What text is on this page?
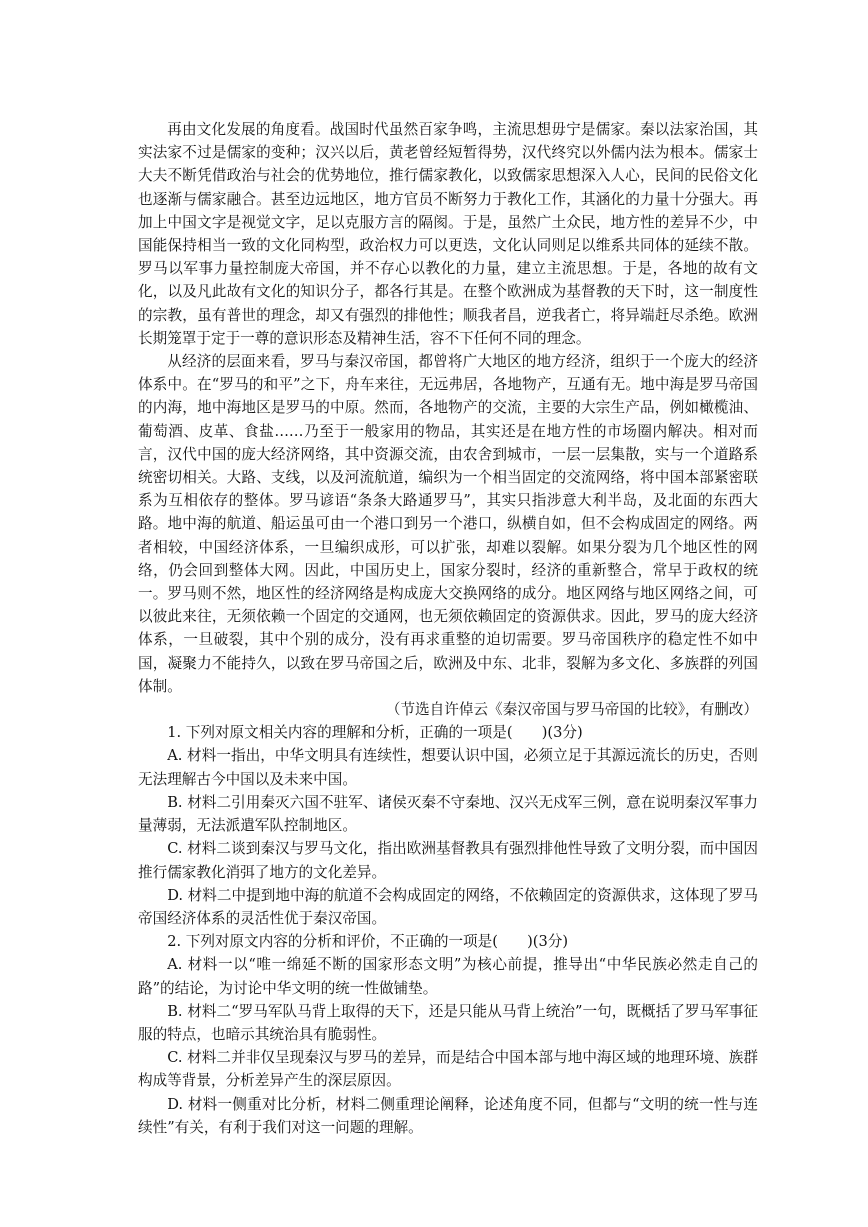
再由文化发展的角度看。战国时代虽然百家争鸣，主流思想毋宁是儒家。秦以法家治国，其实法家不过是儒家的变种；汉兴以后，黄老曾经短暂得势，汉代终究以外儒内法为根本。儒家士大夫不断凭借政治与社会的优势地位，推行儒家教化，以致儒家思想深入人心，民间的民俗文化也逐渐与儒家融合。甚至边远地区，地方官员不断努力于教化工作，其涵化的力量十分强大。再加上中国文字是视觉文字，足以克服方言的隔阂。于是，虽然广土众民，地方性的差异不少，中国能保持相当一致的文化同构型，政治权力可以更迭，文化认同则足以维系共同体的延续不散。罗马以军事力量控制庞大帝国，并不存心以教化的力量，建立主流思想。于是，各地的故有文化，以及凡此故有文化的知识分子，都各行其是。在整个欧洲成为基督教的天下时，这一制度性的宗教，虽有普世的理念，却又有强烈的排他性；顺我者昌，逆我者亡，将异端赶尽杀绝。欧洲长期笼罩于定于一尊的意识形态及精神生活，容不下任何不同的理念。

从经济的层面来看，罗马与秦汉帝国，都曾将广大地区的地方经济，组织于一个庞大的经济体系中。在“罗马的和平”之下，舟车来往，无远弗居，各地物产，互通有无。地中海是罗马帝国的内海，地中海地区是罗马的中原。然而，各地物产的交流，主要的大宗生产品，例如橄榄油、葡萄酒、皮革、食盐……乃至于一般家用的物品，其实还是在地方性的市场圈内解决。相对而言，汉代中国的庞大经济网络，其中资源交流，由农舍到城市，一层一层集散，实与一个道路系统密切相关。大路、支线，以及河流航道，编织为一个相当固定的交流网络，将中国本部紧密联系为互相依存的整体。罗马谚语“条条大路通罗马”，其实只指涉意大利半岛，及北面的东西大路。地中海的航道、船运虽可由一个港口到另一个港口，纵横自如，但不会构成固定的网络。两者相较，中国经济体系，一旦编织成形，可以扩张，却难以裂解。如果分裂为几个地区性的网络，仍会回到整体大网。因此，中国历史上，国家分裂时，经济的重新整合，常早于政权的统一。罗马则不然，地区性的经济网络是构成庞大交换网络的成分。地区网络与地区网络之间，可以彼此来往，无须依赖一个固定的交通网，也无须依赖固定的资源供求。因此，罗马的庞大经济体系，一旦破裂，其中个别的成分，没有再求重整的迫切需要。罗马帝国秩序的稳定性不如中国，凝聚力不能持久，以致在罗马帝国之后，欧洲及中东、北非，裂解为多文化、多族群的列国体制。

（节选自许倬云《秦汉帝国与罗马帝国的比较》，有删改）

1. 下列对原文相关内容的理解和分析，正确的一项是(　　)(3分)

A. 材料一指出，中华文明具有连续性，想要认识中国，必须立足于其源远流长的历史，否则无法理解古今中国以及未来中国。

B. 材料二引用秦灭六国不驻军、诸侯灭秦不守秦地、汉兴无戍军三例，意在说明秦汉军事力量薄弱，无法派遣军队控制地区。

C. 材料二谈到秦汉与罗马文化，指出欧洲基督教具有强烈排他性导致了文明分裂，而中国因推行儒家教化消弭了地方的文化差异。

D. 材料二中提到地中海的航道不会构成固定的网络，不依赖固定的资源供求，这体现了罗马帝国经济体系的灵活性优于秦汉帝国。

2. 下列对原文内容的分析和评价，不正确的一项是(　　)(3分)

A. 材料一以“唯一绵延不断的国家形态文明”为核心前提，推导出“中华民族必然走自己的路”的结论，为讨论中华文明的统一性做铺垫。

B. 材料二“罗马军队马背上取得的天下，还是只能从马背上统治”一句，既概括了罗马军事征服的特点，也暗示其统治具有脆弱性。

C. 材料二并非仅呈现秦汉与罗马的差异，而是结合中国本部与地中海区域的地理环境、族群构成等背景，分析差异产生的深层原因。

D. 材料一侧重对比分析，材料二侧重理论阐释，论述角度不同，但都与“文明的统一性与连续性”有关，有利于我们对这一问题的理解。
